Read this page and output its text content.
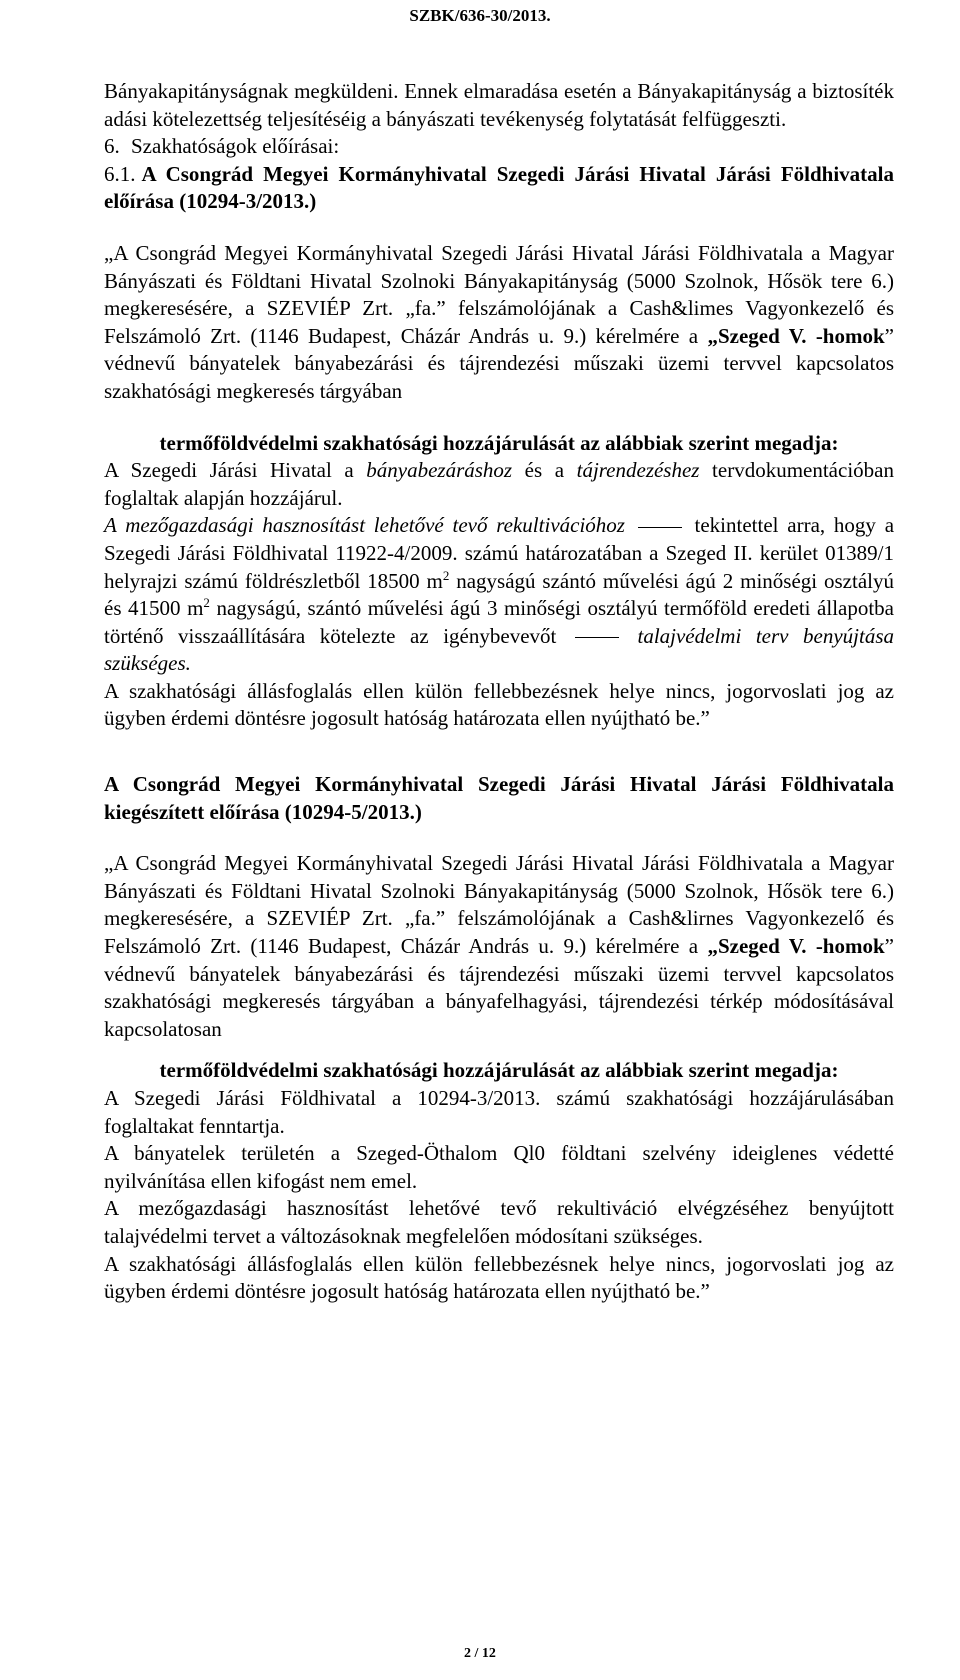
SZBK/636-30/2013.
Bányakapitányságnak megküldeni. Ennek elmaradása esetén a Bányakapitányság a biztosíték adási kötelezettség teljesítéséig a bányászati tevékenység folytatását felfüggeszti.
6. Szakhatóságok előírásai:
6.1. A Csongrád Megyei Kormányhivatal Szegedi Járási Hivatal Járási Földhivatala előírása (10294-3/2013.)
„A Csongrád Megyei Kormányhivatal Szegedi Járási Hivatal Járási Földhivatala a Magyar Bányászati és Földtani Hivatal Szolnoki Bányakapitányság (5000 Szolnok, Hősök tere 6.) megkeresésére, a SZEVIÉP Zrt. „fa.” felszámolójának a Cash&limes Vagyonkezelő és Felszámoló Zrt. (1146 Budapest, Cházár András u. 9.) kérelmére a „Szeged V. -homok” védnevű bányatelek bányabezárási és tájrendezési műszaki üzemi tervvel kapcsolatos szakhatósági megkeresés tárgyában
termőföldvédelmi szakhatósági hozzájárulását az alábbiak szerint megadja:
A Szegedi Járási Hivatal a bányabezáráshoz és a tájrendezéshez tervdokumentációban foglaltak alapján hozzájárul.
A mezőgazdasági hasznosítást lehetővé tevő rekultivációhoz	tekintettel arra, hogy a Szegedi Járási Földhivatal 11922-4/2009. számú határozatában a Szeged II. kerület 01389/1 helyrajzi számú földrészletből 18500 $m^2$ nagyságú szántó művelési ágú 2 minőségi osztályú és 41500 $m^2$ nagyságú, szántó művelési ágú 3 minőségi osztályú termőföld eredeti állapotba történő visszaállítására kötelezte az igénybevevőt	talajvédelmi terv benyújtása szükséges.
A szakhatósági állásfoglalás ellen külön fellebbezésnek helye nincs, jogorvoslati jog az ügyben érdemi döntésre jogosult hatóság határozata ellen nyújtható be.”
A Csongrád Megyei Kormányhivatal Szegedi Járási Hivatal Járási Földhivatala kiegészített előírása (10294-5/2013.)
„A Csongrád Megyei Kormányhivatal Szegedi Járási Hivatal Járási Földhivatala a Magyar Bányászati és Földtani Hivatal Szolnoki Bányakapitányság (5000 Szolnok, Hősök tere 6.) megkeresésére, a SZEVIÉP Zrt. „fa.” felszámolójának a Cash&lirnes Vagyonkezelő és Felszámoló Zrt. (1146 Budapest, Cházár András u. 9.) kérelmére a „Szeged V. -homok” védnevű bányatelek bányabezárási és tájrendezési műszaki üzemi tervvel kapcsolatos szakhatósági megkeresés tárgyában a bányafelhagyási, tájrendezési térkép módosításával kapcsolatosan
termőföldvédelmi szakhatósági hozzájárulását az alábbiak szerint megadja:
A Szegedi Járási Földhivatal a 10294-3/2013. számú szakhatósági hozzájárulásában foglaltakat fenntartja.
A bányatelek területén a Szeged-Öthalom Ql0 földtani szelvény ideiglenes védetté nyilvánítása ellen kifogást nem emel.
A mezőgazdasági hasznosítást lehetővé tevő rekultiváció elvégzéséhez benyújtott talajvédelmi tervet a változásoknak megfelelően módosítani szükséges.
A szakhatósági állásfoglalás ellen külön fellebbezésnek helye nincs, jogorvoslati jog az ügyben érdemi döntésre jogosult hatóság határozata ellen nyújtható be.”
2 / 12
